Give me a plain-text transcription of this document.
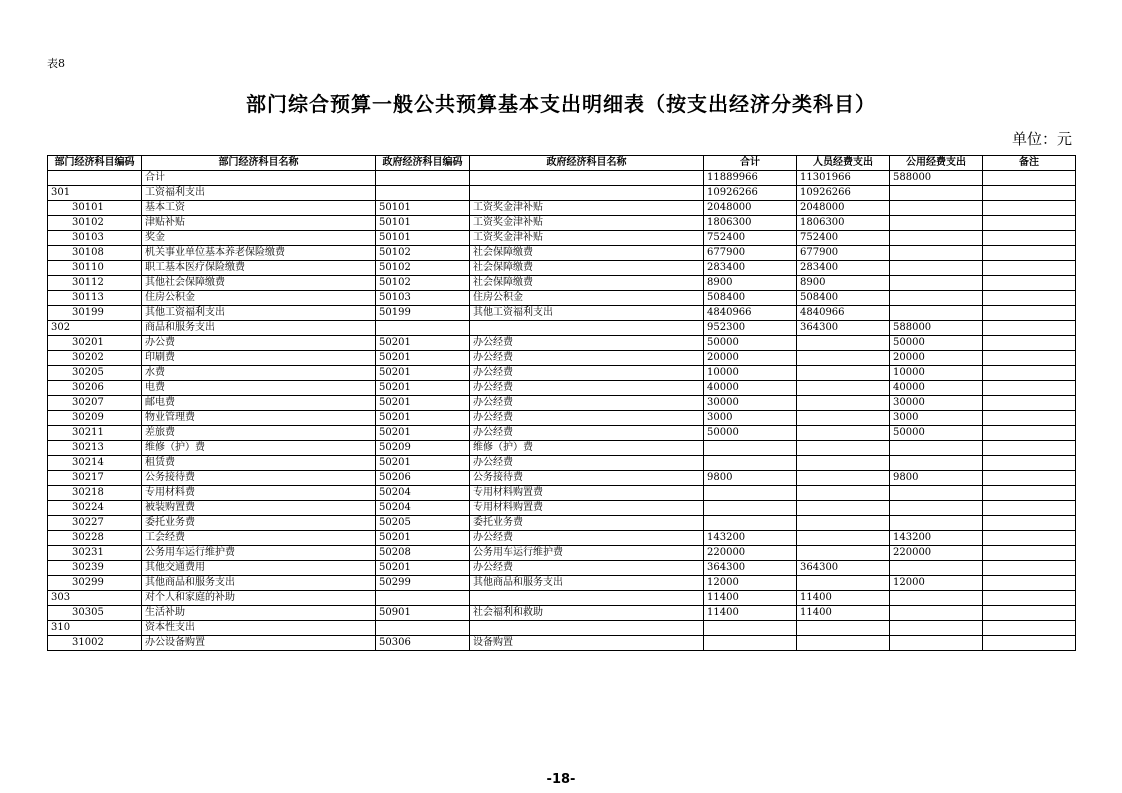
表8
部门综合预算一般公共预算基本支出明细表（按支出经济分类科目）
单位：元
部门经济科目编码	部门经济科目名称	政府经济科目编码	政府经济科目名称	合计	人员经费支出	公用经费支出	备注
	合计			11889966	11301966	588000	
301	工资福利支出			10926266	10926266		
30101	基本工资	50101	工资奖金津补贴	2048000	2048000		
30102	津贴补贴	50101	工资奖金津补贴	1806300	1806300		
30103	奖金	50101	工资奖金津补贴	752400	752400		
30108	机关事业单位基本养老保险缴费	50102	社会保障缴费	677900	677900		
30110	职工基本医疗保险缴费	50102	社会保障缴费	283400	283400		
30112	其他社会保障缴费	50102	社会保障缴费	8900	8900		
30113	住房公积金	50103	住房公积金	508400	508400		
30199	其他工资福利支出	50199	其他工资福利支出	4840966	4840966		
302	商品和服务支出			952300	364300	588000	
30201	办公费	50201	办公经费	50000		50000	
30202	印刷费	50201	办公经费	20000		20000	
30205	水费	50201	办公经费	10000		10000	
30206	电费	50201	办公经费	40000		40000	
30207	邮电费	50201	办公经费	30000		30000	
30209	物业管理费	50201	办公经费	3000		3000	
30211	差旅费	50201	办公经费	50000		50000	
30213	维修（护）费	50209	维修（护）费				
30214	租赁费	50201	办公经费				
30217	公务接待费	50206	公务接待费	9800		9800	
30218	专用材料费	50204	专用材料购置费				
30224	被装购置费	50204	专用材料购置费				
30227	委托业务费	50205	委托业务费				
30228	工会经费	50201	办公经费	143200		143200	
30231	公务用车运行维护费	50208	公务用车运行维护费	220000		220000	
30239	其他交通费用	50201	办公经费	364300	364300		
30299	其他商品和服务支出	50299	其他商品和服务支出	12000		12000	
303	对个人和家庭的补助			11400	11400		
30305	生活补助	50901	社会福利和救助	11400	11400		
310	资本性支出						
31002	办公设备购置	50306	设备购置				
-18-
